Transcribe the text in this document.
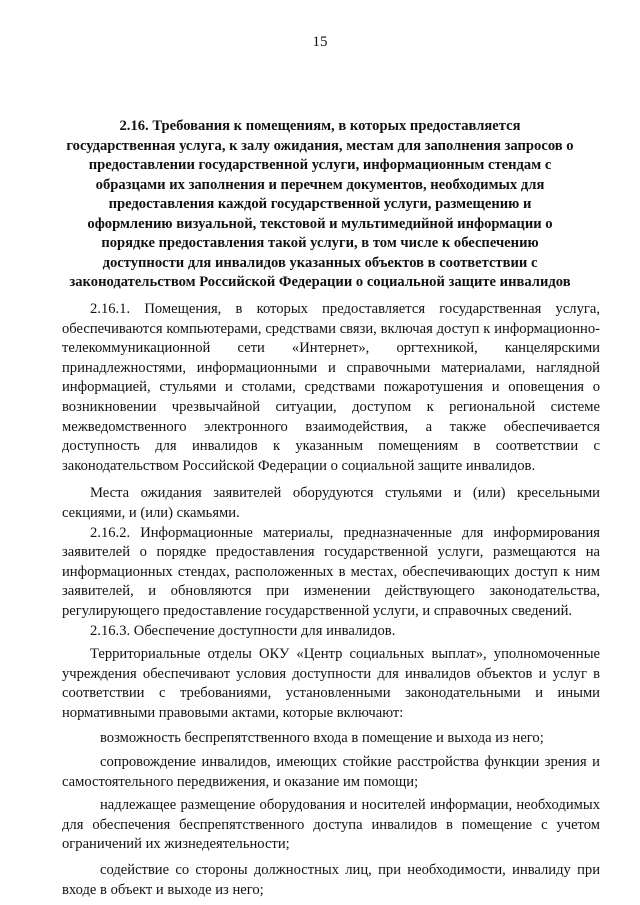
15
2.16. Требования к помещениям, в которых предоставляется
государственная услуга, к залу ожидания, местам для заполнения запросов о
предоставлении государственной услуги, информационным стендам с
образцами их заполнения и перечнем документов, необходимых для
предоставления каждой государственной услуги, размещению и
оформлению визуальной, текстовой и мультимедийной информации о
порядке предоставления такой услуги, в том числе к обеспечению
доступности для инвалидов указанных объектов в соответствии с
законодательством Российской Федерации о социальной защите инвалидов

2.16.1. Помещения, в которых предоставляется государственная услуга, обеспечиваются компьютерами, средствами связи, включая доступ к информационно-телекоммуникационной сети «Интернет», оргтехникой, канцелярскими принадлежностями, информационными и справочными материалами, наглядной информацией, стульями и столами, средствами пожаротушения и оповещения о возникновении чрезвычайной ситуации, доступом к региональной системе межведомственного электронного взаимодействия, а также обеспечивается доступность для инвалидов к указанным помещениям в соответствии с законодательством Российской Федерации о социальной защите инвалидов.

Места ожидания заявителей оборудуются стульями и (или) кресельными секциями, и (или) скамьями.

2.16.2. Информационные материалы, предназначенные для информирования заявителей о порядке предоставления государственной услуги, размещаются на информационных стендах, расположенных в местах, обеспечивающих доступ к ним заявителей, и обновляются при изменении действующего законодательства, регулирующего предоставление государственной услуги, и справочных сведений.

2.16.3. Обеспечение доступности для инвалидов.

Территориальные отделы ОКУ «Центр социальных выплат», уполномоченные учреждения обеспечивают условия доступности для инвалидов объектов и услуг в соответствии с требованиями, установленными законодательными и иными нормативными правовыми актами, которые включают:

возможность беспрепятственного входа в помещение и выхода из него;

сопровождение инвалидов, имеющих стойкие расстройства функции зрения и самостоятельного передвижения, и оказание им помощи;

надлежащее размещение оборудования и носителей информации, необходимых для обеспечения беспрепятственного доступа инвалидов в помещение с учетом ограничений их жизнедеятельности;

содействие со стороны должностных лиц, при необходимости, инвалиду при входе в объект и выходе из него;
